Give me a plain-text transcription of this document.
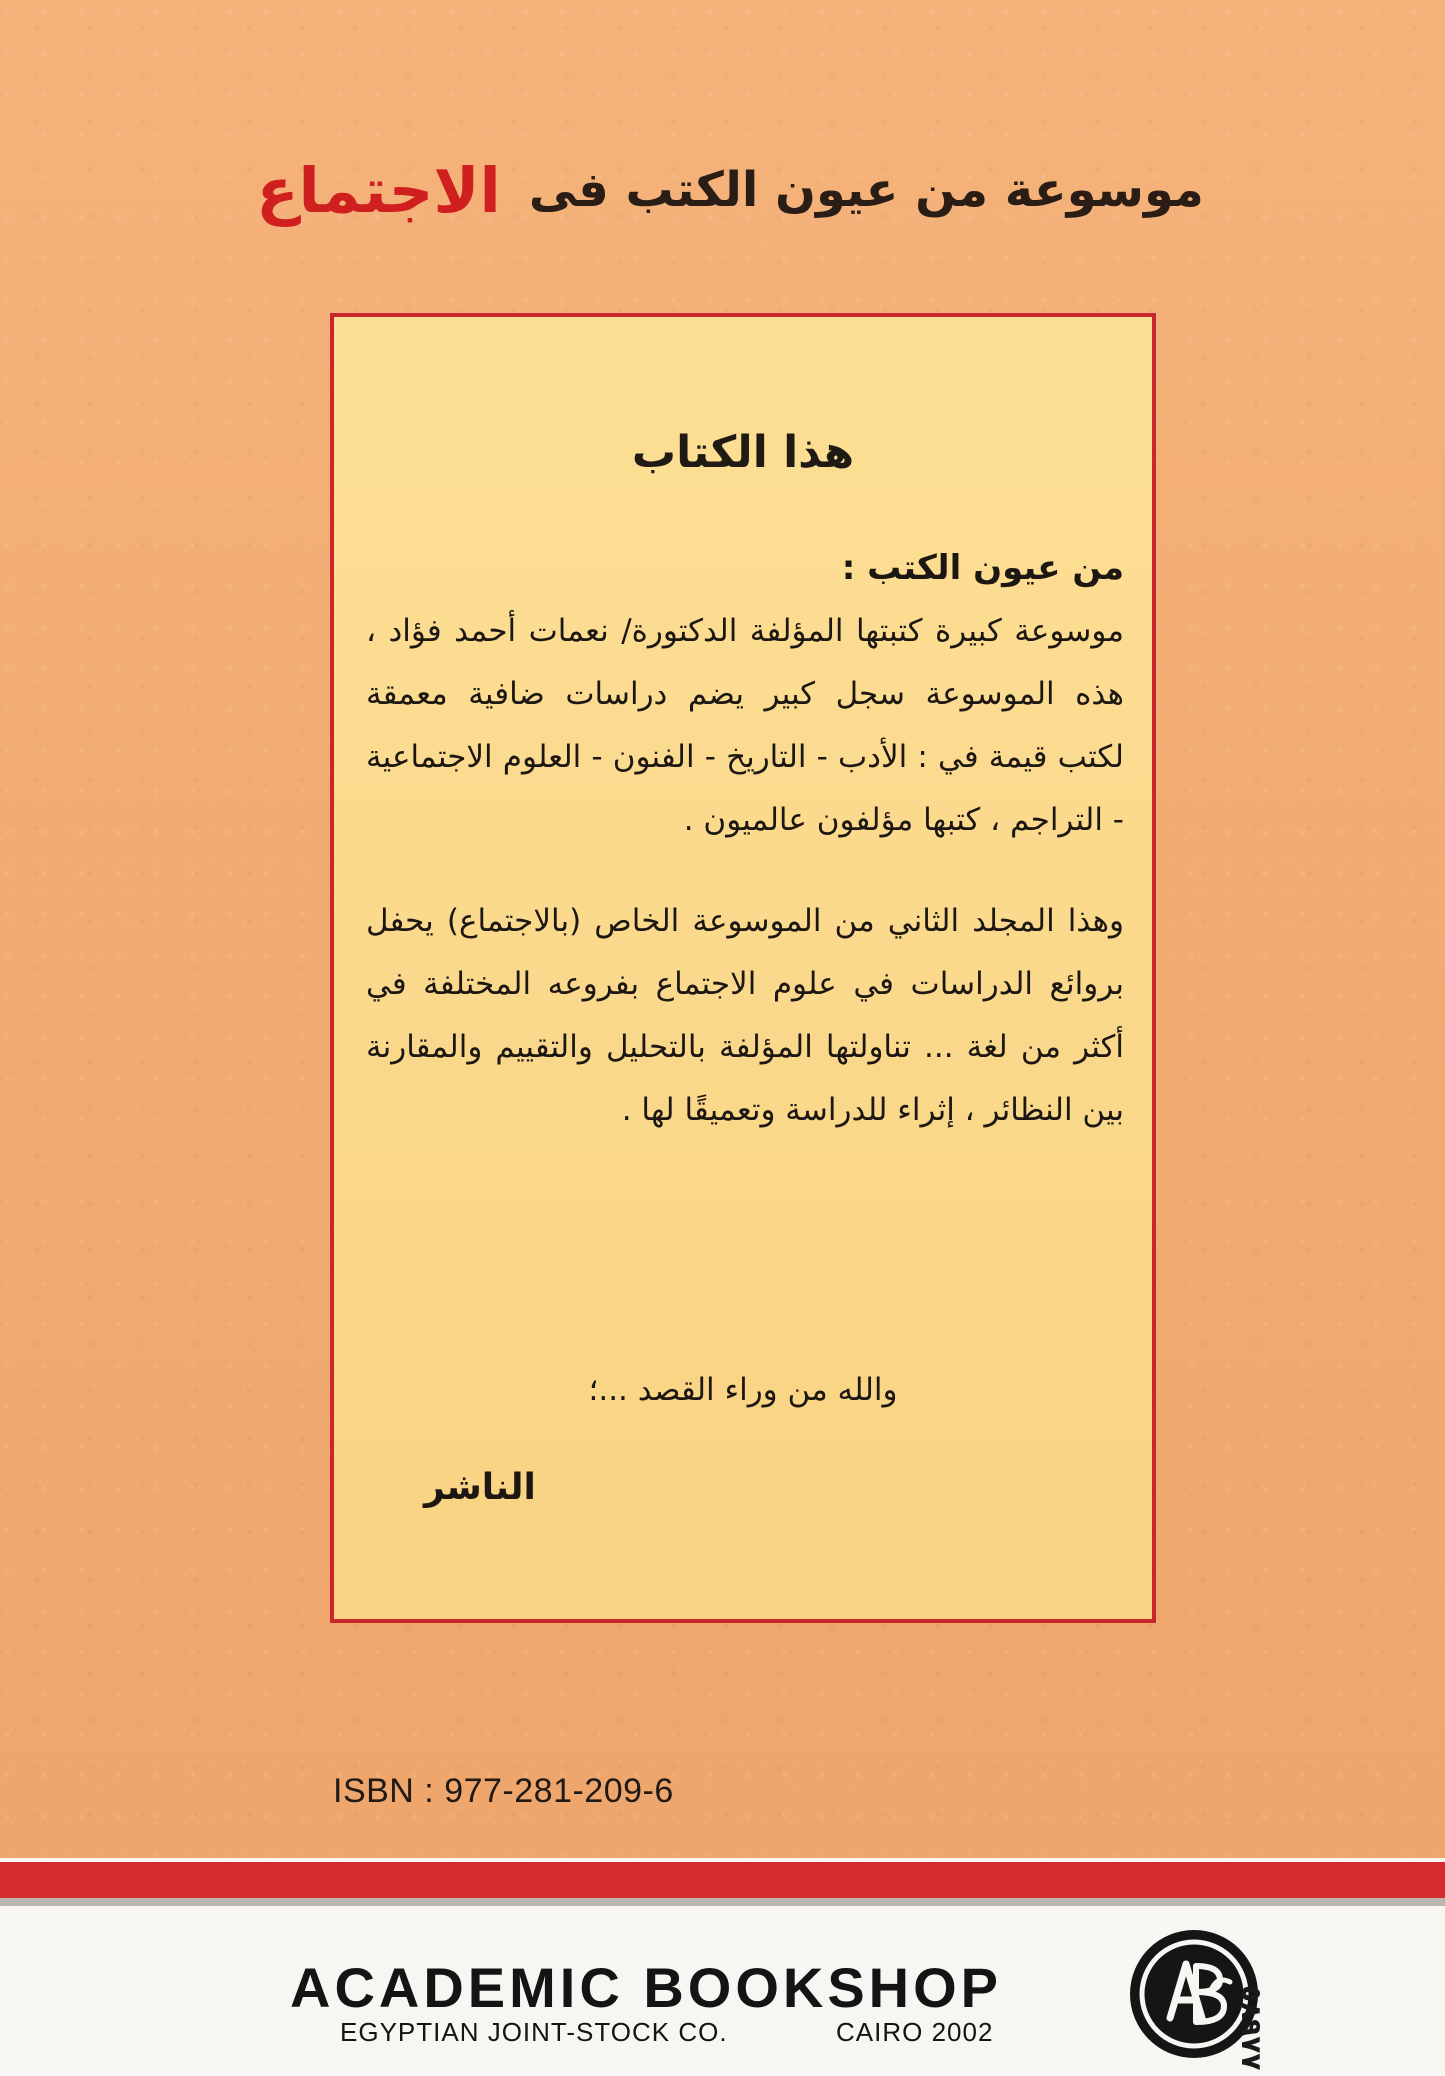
موسوعة من عيون الكتب فى
الاجتماع
هذا الكتاب

من عيون الكتب :

موسوعة كبيرة كتبتها المؤلفة الدكتورة/ نعمات أحمد فؤاد ، هذه الموسوعة سجل كبير يضم دراسات ضافية معمقة لكتب قيمة في : الأدب - التاريخ - الفنون - العلوم الاجتماعية - التراجم ، كتبها مؤلفون عالميون .

وهذا المجلد الثاني من الموسوعة الخاص (بالاجتماع) يحفل بروائع الدراسات في علوم الاجتماع بفروعه المختلفة في أكثر من لغة ... تناولتها المؤلفة بالتحليل والتقييم والمقارنة بين النظائر ، إثراء للدراسة وتعميقًا لها .

والله من وراء القصد ...؛
الناشر
ISBN : 977-281-209-6
ACADEMIC BOOKSHOP
EGYPTIAN JOINT-STOCK CO.	CAIRO 2002	٥٨٩٧٧
